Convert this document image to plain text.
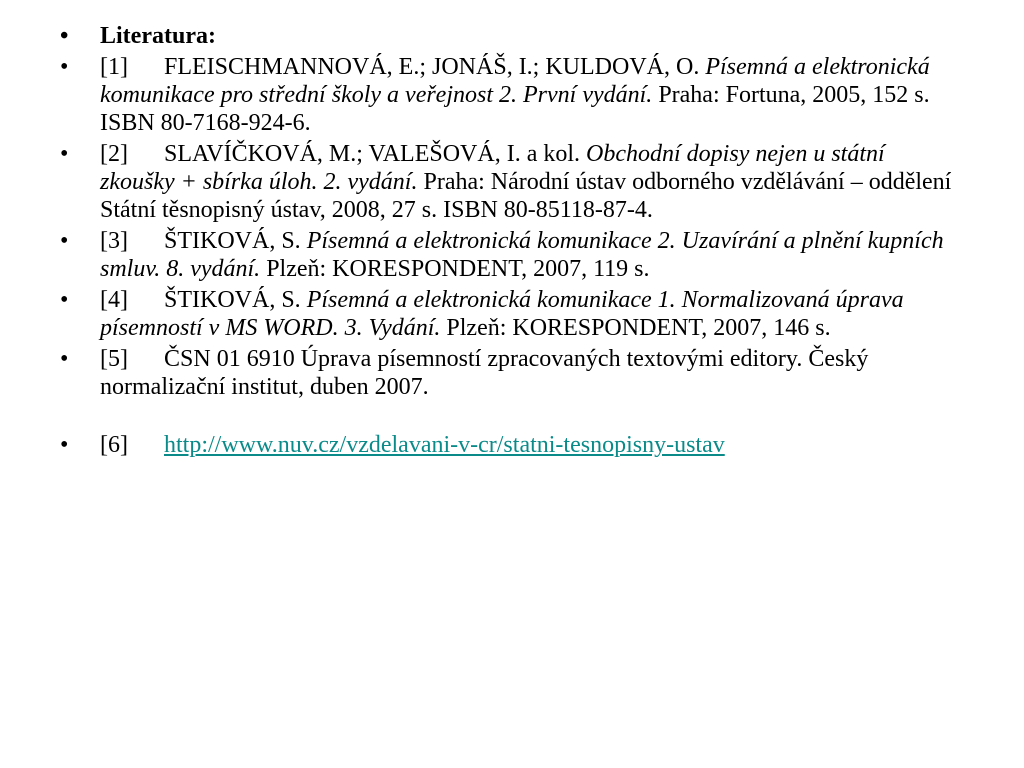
•	Literatura:
•	[1] FLEISCHMANNOVÁ, E.; JONÁŠ, I.; KULDOVÁ, O. Písemná a elektronická komunikace pro střední školy a veřejnost 2. První vydání. Praha: Fortuna, 2005, 152 s.
ISBN 80-7168-924-6.
•	[2] SLAVÍČKOVÁ, M.; VALEŠOVÁ, I. a kol. Obchodní dopisy nejen u státní zkoušky + sbírka úloh. 2. vydání. Praha: Národní ústav odborného vzdělávání – oddělení Státní těsnopisný ústav, 2008, 27 s. ISBN 80-85118-87-4.
•	[3] ŠTIKOVÁ, S. Písemná a elektronická komunikace 2. Uzavírání a plnění kupních smluv. 8. vydání. Plzeň: KORESPONDENT, 2007, 119 s.
•	[4] ŠTIKOVÁ, S. Písemná a elektronická komunikace 1. Normalizovaná úprava písemností v MS WORD. 3. Vydání. Plzeň: KORESPONDENT, 2007, 146 s.
•	[5] ČSN 01 6910 Úprava písemností zpracovaných textovými editory. Český normalizační institut, duben 2007.
•	[6] http://www.nuv.cz/vzdelavani-v-cr/statni-tesnopisny-ustav
